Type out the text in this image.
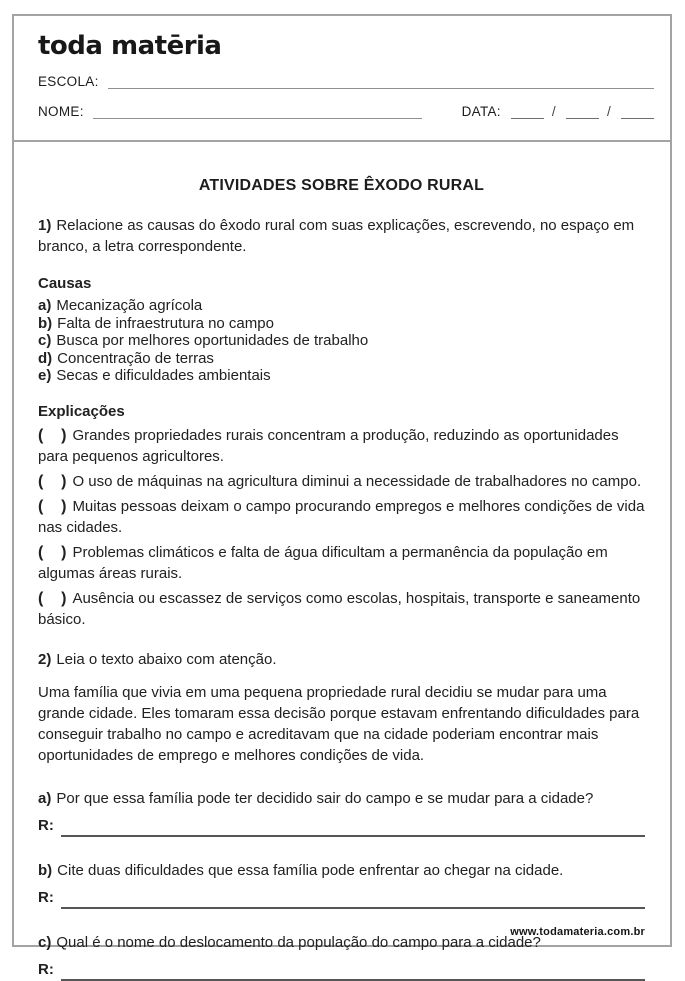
toda matēria
ESCOLA:
NOME:	DATA:	/	/
ATIVIDADES SOBRE ÊXODO RURAL

1) Relacione as causas do êxodo rural com suas explicações, escrevendo, no espaço em branco, a letra correspondente.

Causas

a) Mecanização agrícola

b) Falta de infraestrutura no campo

c) Busca por melhores oportunidades de trabalho

d) Concentração de terras

e) Secas e dificuldades ambientais

Explicações

(    ) Grandes propriedades rurais concentram a produção, reduzindo as oportunidades para pequenos agricultores.

(    ) O uso de máquinas na agricultura diminui a necessidade de trabalhadores no campo.

(    ) Muitas pessoas deixam o campo procurando empregos e melhores condições de vida nas cidades.

(    ) Problemas climáticos e falta de água dificultam a permanência da população em algumas áreas rurais.

(    ) Ausência ou escassez de serviços como escolas, hospitais, transporte e saneamento básico.

2) Leia o texto abaixo com atenção.

Uma família que vivia em uma pequena propriedade rural decidiu se mudar para uma grande cidade. Eles tomaram essa decisão porque estavam enfrentando dificuldades para conseguir trabalho no campo e acreditavam que na cidade poderiam encontrar mais oportunidades de emprego e melhores condições de vida.

a) Por que essa família pode ter decidido sair do campo e se mudar para a cidade?

R:

b) Cite duas dificuldades que essa família pode enfrentar ao chegar na cidade.

R:

c) Qual é o nome do deslocamento da população do campo para a cidade?

R:
www.todamateria.com.br
